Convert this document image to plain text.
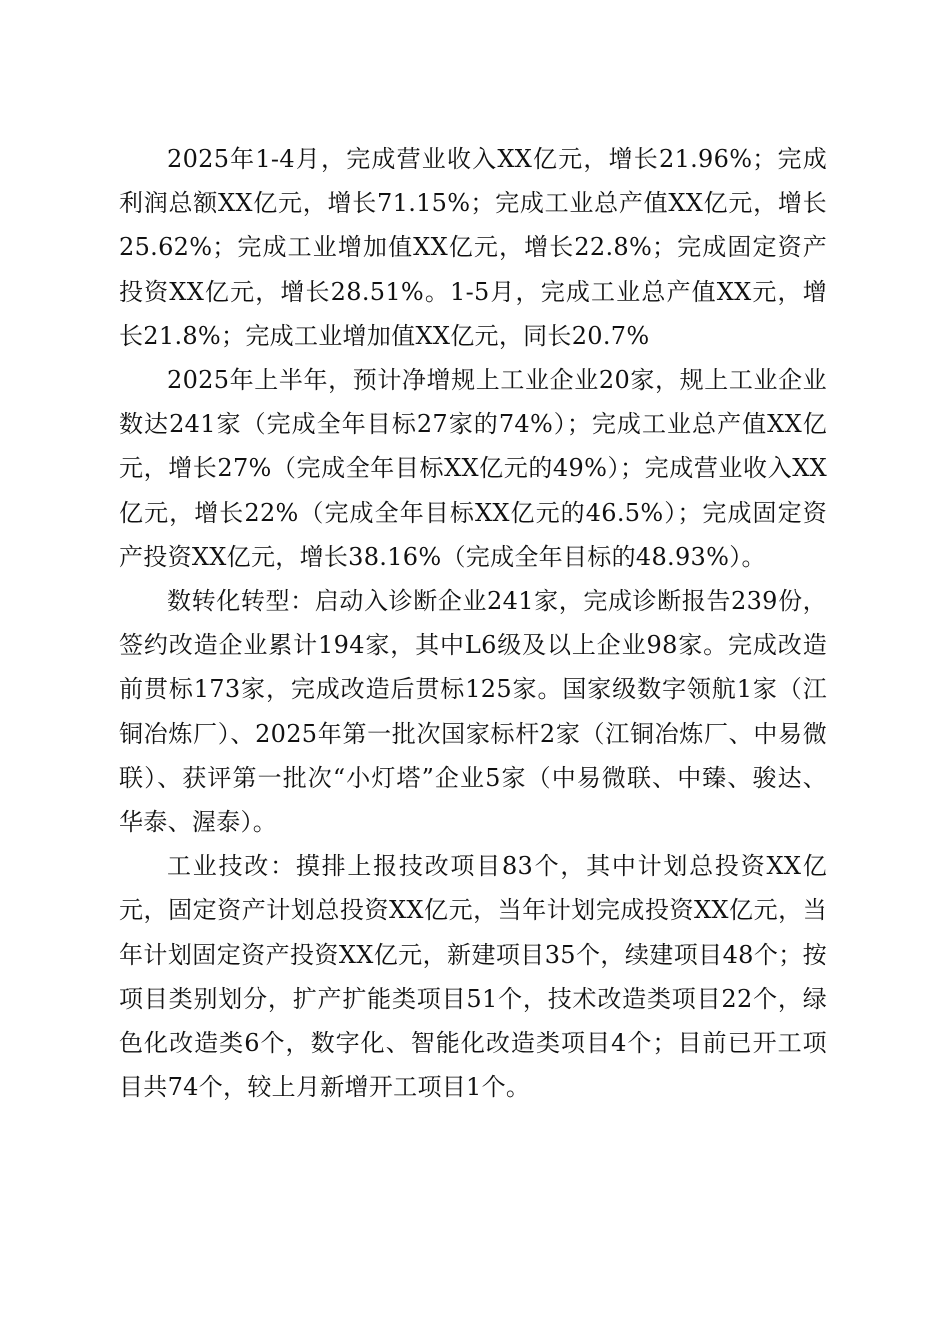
2025年1-4月，完成营业收入XX亿元，增长21.96%；完成利润总额XX亿元，增长71.15%；完成工业总产值XX亿元，增长25.62%；完成工业增加值XX亿元，增长22.8%；完成固定资产投资XX亿元，增长28.51%。1-5月，完成工业总产值XX元，增长21.8%；完成工业增加值XX亿元，同长20.7%

2025年上半年，预计净增规上工业企业20家，规上工业企业数达241家（完成全年目标27家的74%）；完成工业总产值XX亿元，增长27%（完成全年目标XX亿元的49%）；完成营业收入XX亿元，增长22%（完成全年目标XX亿元的46.5%）；完成固定资产投资XX亿元，增长38.16%（完成全年目标的48.93%）。

数转化转型：启动入诊断企业241家，完成诊断报告239份，签约改造企业累计194家，其中L6级及以上企业98家。完成改造前贯标173家，完成改造后贯标125家。国家级数字领航1家（江铜冶炼厂）、2025年第一批次国家标杆2家（江铜冶炼厂、中易微联）、获评第一批次“小灯塔”企业5家（中易微联、中臻、骏达、华泰、渥泰）。

工业技改：摸排上报技改项目83个，其中计划总投资XX亿元，固定资产计划总投资XX亿元，当年计划完成投资XX亿元，当年计划固定资产投资XX亿元，新建项目35个，续建项目48个；按项目类别划分，扩产扩能类项目51个，技术改造类项目22个，绿色化改造类6个，数字化、智能化改造类项目4个；目前已开工项目共74个，较上月新增开工项目1个。
